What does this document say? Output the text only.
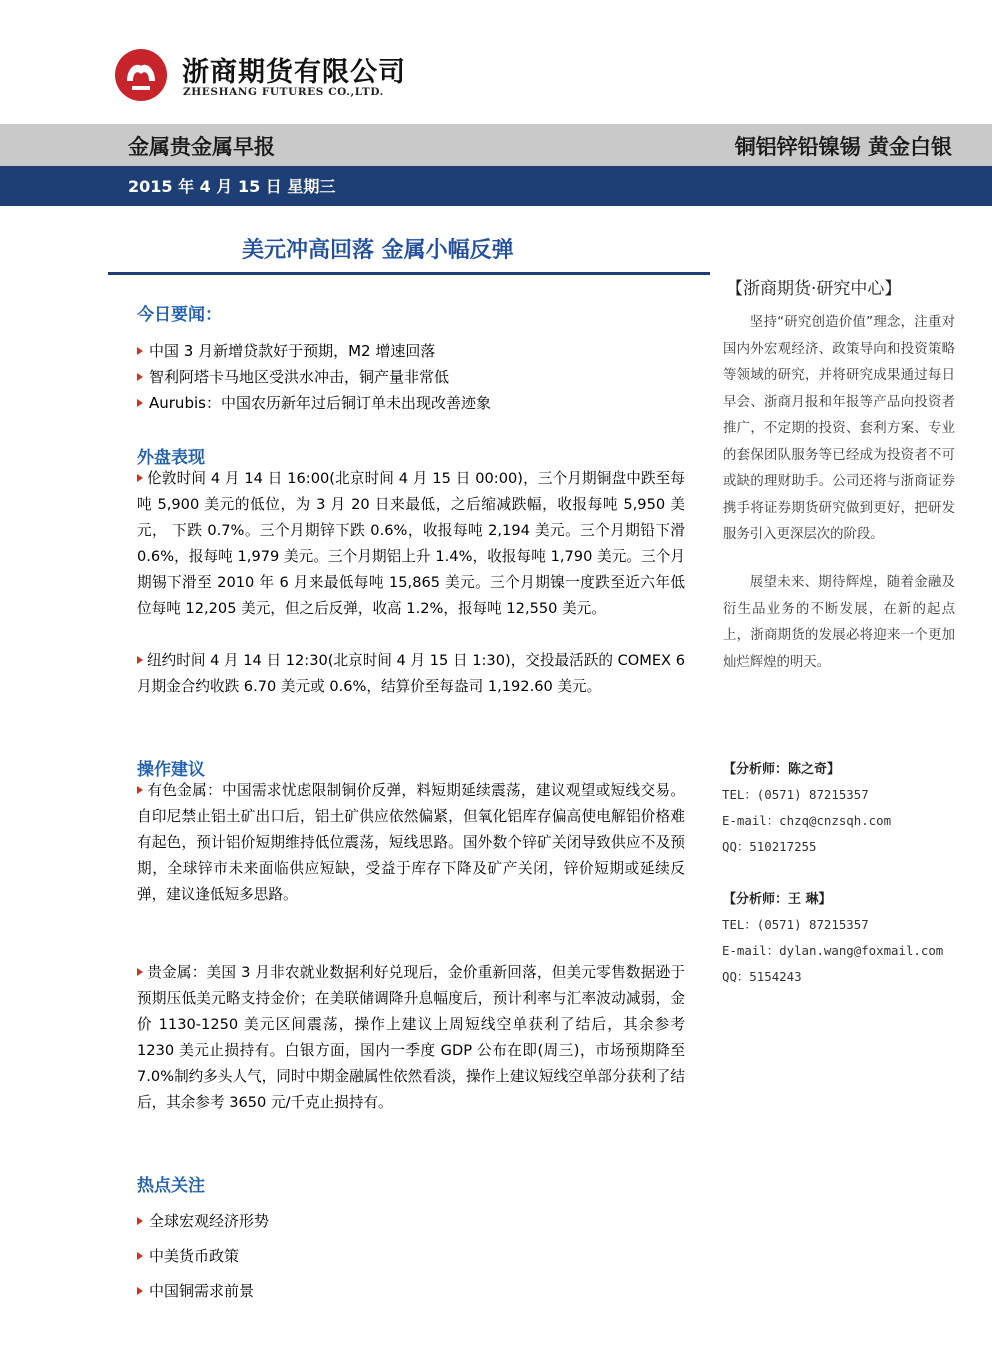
浙商期货有限公司
ZHESHANG FUTURES CO.,LTD.
金属贵金属早报	铜铝锌铅镍锡 黄金白银
2015 年 4 月 15 日 星期三
美元冲高回落 金属小幅反弹
今日要闻：
中国 3 月新增贷款好于预期，M2 增速回落
智利阿塔卡马地区受洪水冲击，铜产量非常低
Aurubis：中国农历新年过后铜订单未出现改善迹象
外盘表现
伦敦时间 4 月 14 日 16:00(北京时间 4 月 15 日 00:00)，三个月期铜盘中跌至每吨 5,900 美元的低位，为 3 月 20 日来最低，之后缩减跌幅，收报每吨 5,950 美元， 下跌 0.7%。三个月期锌下跌 0.6%，收报每吨 2,194 美元。三个月期铅下滑 0.6%，报每吨 1,979 美元。三个月期铝上升 1.4%，收报每吨 1,790 美元。三个月期锡下滑至 2010 年 6 月来最低每吨 15,865 美元。三个月期镍一度跌至近六年低位每吨 12,205 美元，但之后反弹，收高 1.2%，报每吨 12,550 美元。
纽约时间 4 月 14 日 12:30(北京时间 4 月 15 日 1:30)，交投最活跃的 COMEX 6 月期金合约收跌 6.70 美元或 0.6%，结算价至每盎司 1,192.60 美元。
操作建议
有色金属：中国需求忧虑限制铜价反弹，料短期延续震荡，建议观望或短线交易。自印尼禁止铝土矿出口后，铝土矿供应依然偏紧，但氧化铝库存偏高使电解铝价格难有起色，预计铝价短期维持低位震荡，短线思路。国外数个锌矿关闭导致供应不及预期，全球锌市未来面临供应短缺，受益于库存下降及矿产关闭，锌价短期或延续反弹，建议逢低短多思路。
贵金属：美国 3 月非农就业数据利好兑现后，金价重新回落，但美元零售数据逊于预期压低美元略支持金价；在美联储调降升息幅度后，预计利率与汇率波动减弱，金价 1130-1250 美元区间震荡，操作上建议上周短线空单获利了结后，其余参考 1230 美元止损持有。白银方面，国内一季度 GDP 公布在即(周三)，市场预期降至 7.0%制约多头人气，同时中期金融属性依然看淡，操作上建议短线空单部分获利了结后，其余参考 3650 元/千克止损持有。
热点关注
全球宏观经济形势
中美货币政策
中国铜需求前景
【浙商期货·研究中心】
坚持“研究创造价值”理念，注重对国内外宏观经济、政策导向和投资策略等领域的研究，并将研究成果通过每日早会、浙商月报和年报等产品向投资者推广，不定期的投资、套利方案、专业的套保团队服务等已经成为投资者不可或缺的理财助手。公司还将与浙商证券携手将证券期货研究做到更好，把研发服务引入更深层次的阶段。
展望未来、期待辉煌，随着金融及衍生品业务的不断发展，在新的起点上，浙商期货的发展必将迎来一个更加灿烂辉煌的明天。
【分析师：陈之奇】
TEL：(0571) 87215357
E-mail：chzq@cnzsqh.com
QQ：510217255
【分析师：王 琳】
TEL：(0571) 87215357
E-mail：dylan.wang@foxmail.com
QQ：5154243
